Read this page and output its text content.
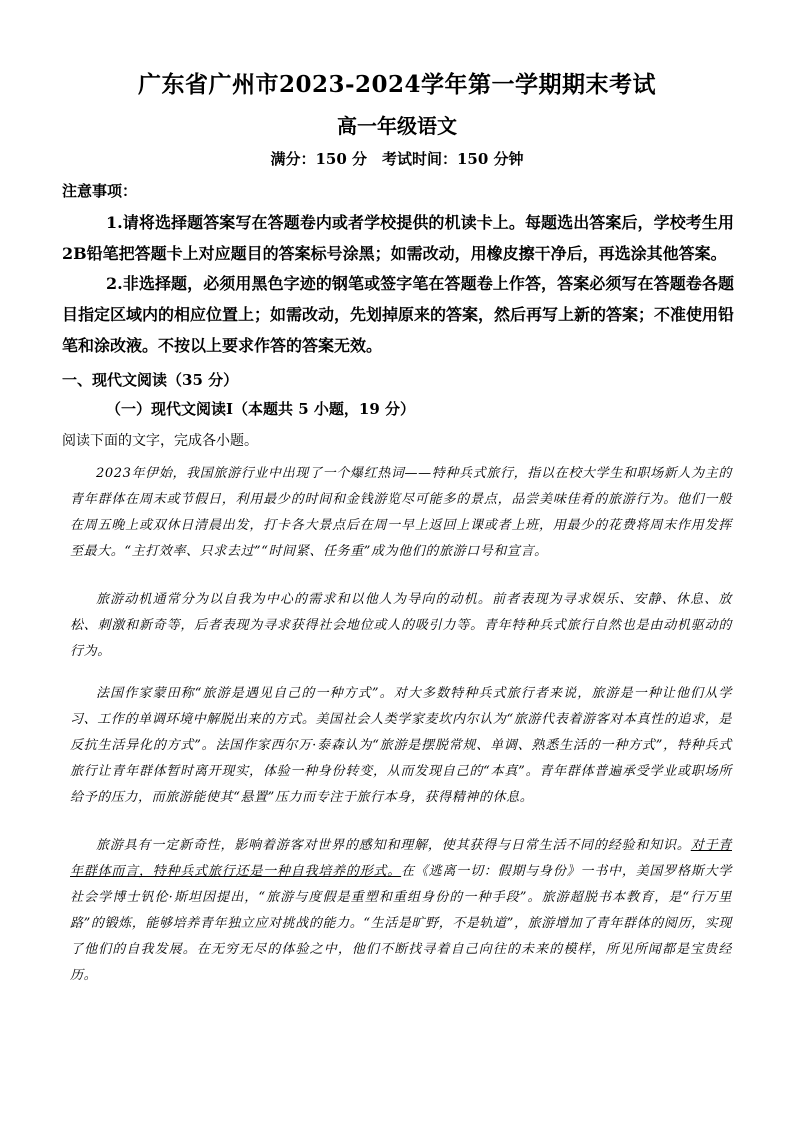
广东省广州市2023-2024学年第一学期期末考试
高一年级语文
满分：150 分　考试时间：150 分钟
注意事项：
1.请将选择题答案写在答题卷内或者学校提供的机读卡上。每题选出答案后，学校考生用2B铅笔把答题卡上对应题目的答案标号涂黑；如需改动，用橡皮擦干净后，再选涂其他答案。
2.非选择题，必须用黑色字迹的钢笔或签字笔在答题卷上作答，答案必须写在答题卷各题目指定区域内的相应位置上；如需改动，先划掉原来的答案，然后再写上新的答案；不准使用铅笔和涂改液。不按以上要求作答的答案无效。
一、现代文阅读（35 分）
（一）现代文阅读Ⅰ（本题共 5 小题，19 分）
阅读下面的文字，完成各小题。
2023年伊始，我国旅游行业中出现了一个爆红热词——特种兵式旅行，指以在校大学生和职场新人为主的青年群体在周末或节假日，利用最少的时间和金钱游览尽可能多的景点，品尝美味佳肴的旅游行为。他们一般在周五晚上或双休日清晨出发，打卡各大景点后在周一早上返回上课或者上班，用最少的花费将周末作用发挥至最大。“主打效率、只求去过”“时间紧、任务重”成为他们的旅游口号和宣言。
旅游动机通常分为以自我为中心的需求和以他人为导向的动机。前者表现为寻求娱乐、安静、休息、放松、刺激和新奇等，后者表现为寻求获得社会地位或人的吸引力等。青年特种兵式旅行自然也是由动机驱动的行为。
法国作家蒙田称“旅游是遇见自己的一种方式”。对大多数特种兵式旅行者来说，旅游是一种让他们从学习、工作的单调环境中解脱出来的方式。美国社会人类学家麦坎内尔认为“旅游代表着游客对本真性的追求，是反抗生活异化的方式”。法国作家西尔万·泰森认为“旅游是摆脱常规、单调、熟悉生活的一种方式”，特种兵式旅行让青年群体暂时离开现实，体验一种身份转变，从而发现自己的“本真”。青年群体普遍承受学业或职场所给予的压力，而旅游能使其“悬置”压力而专注于旅行本身，获得精神的休息。
旅游具有一定新奇性，影响着游客对世界的感知和理解，使其获得与日常生活不同的经验和知识。对于青年群体而言，特种兵式旅行还是一种自我培养的形式。在《逃离一切：假期与身份》一书中，美国罗格斯大学社会学博士钒伦·斯坦因提出，“旅游与度假是重塑和重组身份的一种手段”。旅游超脱书本教育，是“行万里路”的锻炼，能够培养青年独立应对挑战的能力。“生活是旷野，不是轨道”，旅游增加了青年群体的阅历，实现了他们的自我发展。在无穷无尽的体验之中，他们不断找寻着自己向往的未来的模样，所见所闻都是宝贵经历。
